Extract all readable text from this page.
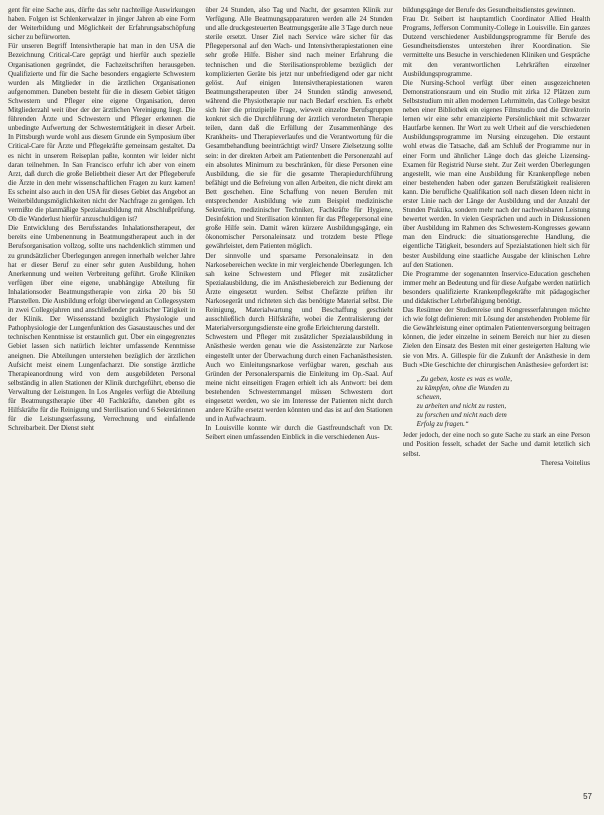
gent für eine Sache aus, dürfte das sehr nachteilige Auswirkungen haben. Folgen ist Schlenkerwalzer in jünger Jahren ab eine Form der Weiterbildung und Möglichkeit der Erfahrungsabschöpfung sicher zu befürworten.

Für unseren Begriff Intensivtherapie hat man in den USA die Bezeichnung Critical-Care geprägt und hierfür auch spezielle Organisationen gegründet, die Fachzeitschriften herausgeben. Qualifizierte und für die Sache besonders engagierte Schwestern wurden als Mitglieder in die ärztlichen Organisationen aufgenommen. Daneben besteht für die in diesem Gebiet tätigen Schwestern und Pfleger eine eigene Organisation, deren Mitgliederzahl weit über der der ärztlichen Vereinigung liegt. Die führenden Ärzte und Schwestern und Pfleger erkennen die unbedingte Aufwertung der Schwesterntätigkeit in dieser Arbeit. In Pittsburgh wurde wohl aus diesem Grunde ein Symposium über Critical-Care für Ärzte und Pflegekräfte gemeinsam gestaltet. Da es nicht in unserem Reiseplan paßte, konnten wir leider nicht daran teilnehmen. In San Francisco erfuhr ich aber von einem Arzt, daß durch die große Beliebtheit dieser Art der Pflegeberufe die Ärzte in den mehr wissenschaftlichen Fragen zu kurz kamen! Es scheint also auch in den USA für dieses Gebiet das Angebot an Weiterbildungsmöglichkeiten nicht der Nachfrage zu genügen. Ich vermißte die planmäßige Spezialausbildung mit Abschlußprüfung. Ob die Wanderlust hierfür anzuschuldigen ist?

Die Entwicklung des Berufsstandes Inhalationstherapeut, der bereits eine Umbenennung in Beatmungstherapeut auch in der Berufsorganisation vollzog, sollte uns nachdenklich stimmen und zu grundsätzlicher Überlegungen anregen innerhalb welcher Jahre hat er dieser Beruf zu einer sehr guten Ausbildung, hohen Anerkennung und weiten Verbreitung geführt. Große Kliniken verfügen über eine eigene, unabhängige Abteilung für Inhalationsoder Beatmungstherapie von zirka 20 bis 50 Planstellen. Die Ausbildung erfolgt überwiegend an Collegesystem in zwei Collegejahren und anschließender praktischer Tätigkeit in der Klinik. Der Wissensstand bezüglich Physiologie und Pathophysiologie der Lungenfunktion des Gasaustausches und der technischen Kenntnisse ist erstaunlich gut. Über ein eingegrenztes Gebiet lassen sich natürlich leichter umfassende Kenntnisse aneignen. Die Abteilungen unterstehen bezüglich der ärztlichen Aufsicht meist einem Lungenfacharzt. Die sonstige ärztliche Therapieanordnung wird von dem ausgebildeten Personal selbständig in allen Stationen der Klinik durchgeführt, ebenso die Verwaltung der Leistungen. In Los Angeles verfügt die Abteilung für Beatmungstherapie über 40 Fachkräfte, daneben gibt es Hilfskräfte für die Reinigung und Sterilisation und 6 Sekretärinnen für die Leistungserfassung, Verrechnung und einfallende Schreibarbeit. Der Dienst steht

über 24 Stunden, also Tag und Nacht, der gesamten Klinik zur Verfügung. Alle Beatmungsapparaturen werden alle 24 Stunden und alle druckgesteuerten Beatmungsgeräte alle 3 Tage durch neue sterile ersetzt. Unser Ziel nach Service wäre sicher für das Pflegepersonal auf den Wach- und Intensivtherapiestationen eine sehr große Hilfe. Bisher sind nach meiner Erfahrung die technischen und die Sterilisationsprobleme bezüglich der komplizierten Geräte bis jetzt nur unbefriedigend oder gar nicht gelöst. Auf einigen Intensivtherapiestationen waren Beatmungstherapeuten über 24 Stunden ständig anwesend, während die Physiotherapie nur nach Bedarf erschien. Es erhebt sich hier die prinzipielle Frage, wieweit einzelne Berufsgruppen konkret sich die Durchführung der ärztlich verordneten Therapie teilen, dann daß die Erfüllung der Zusammenhänge des Krankheits- und Therapieverlaufes und die Verantwortung für die Gesamtbehandlung beeinträchtigt wird? Unsere Zielsetzung sollte sein: in der direkten Arbeit am Patientenbett die Personenzahl auf ein absolutes Minimum zu beschränken, für diese Personen eine Ausbildung, die sie für die gesamte Therapiedurchführung befähigt und die Befreiung von allen Arbeiten, die nicht direkt am Bett geschehen. Eine Schaffung von neuen Berufen mit entsprechender Ausbildung wie zum Beispiel medizinische Sekretärin, medizinischer Techniker, Fachkräfte für Hygiene, Desinfektion und Sterilisation könnten für das Pflegepersonal eine große Hilfe sein. Damit wären kürzere Ausbildungsgänge, ein ökonomischer Personaleinsatz und trotzdem beste Pflege gewährleistet, dem Patienten möglich.

Der sinnvolle und sparsame Personaleinsatz in den Narkosebereichen weckte in mir vergleichende Überlegungen. Ich sah keine Schwestern und Pfleger mit zusätzlicher Spezialausbildung, die im Anästhesiebereich zur Bedienung der Ärzte eingesetzt wurden. Selbst Chefärzte prüften ihr Narkosegerät und richteten sich das benötigte Material selbst. Die Reinigung, Materialwartung und Beschaffung geschieht ausschließlich durch Hilfskräfte, wobei die Zentralisierung der Materialversorgungsdienste eine große Erleichterung darstellt.

Schwestern und Pfleger mit zusätzlicher Spezialausbildung in Anästhesie werden genau wie die Assistenzärzte zur Narkose eingestellt unter der Überwachung durch einen Fachanästhesisten. Auch wo Einleitungsnarkose verfügbar waren, geschah aus Gründen der Personalersparnis die Einleitung im Op.-Saal. Auf meine nicht einseitigen Fragen erhielt ich als Antwort: bei dem bestehenden Schwesternmangel müssen Schwestern dort eingesetzt werden, wo sie im Interesse der Patienten nicht durch andere Kräfte ersetzt werden könnten und das ist auf den Stationen und in Aufwachraum.

In Louisville konnte wir durch die Gastfreundschaft von Dr. Seibert einen umfassenden Einblick in die verschiedenen Aus-

bildungsgänge der Berufe des Gesundheitsdienstes gewinnen.

Frau Dr. Seibert ist hauptamtlich Coordinator Allied Health Programs, Jefferson Community-College in Louisville. Ein ganzes Dutzend verschiedener Ausbildungsprogramme für Berufe des Gesundheitsdienstes unterstehen ihrer Koordination. Sie vermittelte uns Besuche in verschiedenen Kliniken und Gespräche mit den verantwortlichen Lehrkräften einzelner Ausbildungsprogramme.

Die Nursing-School verfügt über einen ausgezeichneten Demonstrationsraum und ein Studio mit zirka 12 Plätzen zum Selbststudium mit allen modernen Lehrmitteln, das College besitzt neben einer Bibliothek ein eigenes Filmstudio und die Direktorin lernen wir eine sehr emanzipierte Persönlichkeit mit schwarzer Hautfarbe kennen. Ihr Wort zu welt Urheit auf die verschiedenen Ausbildungsprogramme im Nursing einzugehen. Die erstaunt wohl etwas die Tatsache, daß am Schluß der Programme nur in einer Form und ähnlicher Länge doch das gleiche Lizensing-Examen für Registrid Nurse steht. Zur Zeit werden Überlegungen angestellt, wie man eine Ausbildung für Krankenpflege neben einer bestehenden haben oder ganzen Berufstätigkeit realisieren kann. Die berufliche Qualifikation soll nach diesen Ideen nicht in erster Linie nach der Länge der Ausbildung und der Anzahl der Stunden Praktika, sondern mehr nach der nachweisbaren Leistung bewertet werden. In vielen Gesprächen und auch in Diskussionen über Ausbildung im Rahmen des Schwestern-Kongresses gewann man den Eindruck: die situationsgerechte Handlung, die eigentliche Tätigkeit, besonders auf Spezialstationen hielt sich für bester Ausbildung eine staatliche Ausgabe der klinischen Lehre auf den Stationen.

Die Programme der sogenannten Inservice-Education geschehen immer mehr an Bedeutung und für diese Aufgabe werden natürlich besonders qualifizierte Krankenpflegekräfte mit pädagogischer und didaktischer Lehrbefähigung benötigt.

Das Resümee der Studienreise und Kongresserfahrungen möchte ich wie folgt definieren: mit Lösung der anstehenden Probleme für die Gewährleistung einer optimalen Patientenversorgung beitragen können, die jeder einzelne in seinem Bereich nur hier zu diesen Zielen den Einsatz des Besten mit einer gesteigerten Haltung wie sie von Mrs. A. Gillespie für die Zukunft der Anästhesie in dem Buch »Die Geschichte der chirurgischen Anästhesie« gefordert ist:

„Zu geben, koste es was es wolle,
zu kämpfen, ohne die Wunden zu
scheuen,
zu arbeiten und nicht zu rasten,
zu forschen und nicht nach dem
Erfolg zu fragen.“

Jeder jedoch, der eine noch so gute Sache zu stark an eine Person und Position fesselt, schadet der Sache und damit letztlich sich selbst.

Theresa Voitelius
57
